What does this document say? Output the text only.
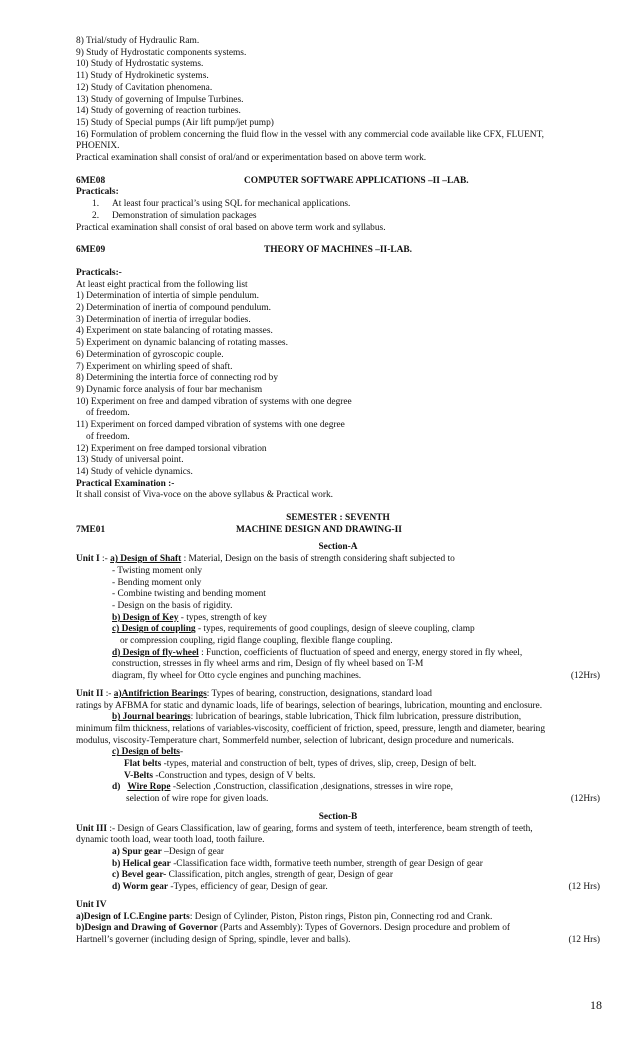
8) Trial/study of Hydraulic Ram.
9) Study of Hydrostatic components systems.
10) Study of Hydrostatic systems.
11) Study of Hydrokinetic systems.
12) Study of Cavitation phenomena.
13) Study of governing of Impulse Turbines.
14) Study of governing of reaction turbines.
15) Study of Special pumps (Air lift pump/jet pump)
16) Formulation of problem concerning the fluid flow in the vessel with any commercial code available like CFX, FLUENT,
PHOENIX.
Practical examination shall consist of oral/and or experimentation based on above term work.
6ME08	COMPUTER SOFTWARE APPLICATIONS –II –LAB.
Practicals:
1. At least four practical’s using SQL for mechanical applications.
2. Demonstration of simulation packages
Practical examination shall consist of oral based on above term work and syllabus.
6ME09	THEORY OF MACHINES –II-LAB.
Practicals:-
At least eight practical from the following list
1) Determination of intertia of simple pendulum.
2) Determination of inertia of compound pendulum.
3) Determination of inertia of irregular bodies.
4) Experiment on state balancing of rotating masses.
5) Experiment on dynamic balancing of rotating masses.
6) Determination of gyroscopic couple.
7) Experiment on whirling speed of shaft.
8) Determining the intertia force of connecting rod by
9) Dynamic force analysis of four bar mechanism
10) Experiment on free and damped vibration of systems with one degree
of freedom.
11) Experiment on forced damped vibration of systems with one degree
of freedom.
12) Experiment on free damped torsional vibration
13) Study of universal point.
14) Study of vehicle dynamics.
Practical Examination :-
It shall consist of Viva-voce on the above syllabus & Practical work.
SEMESTER : SEVENTH
7ME01	MACHINE DESIGN AND DRAWING-II
Section-A
Unit I :- a) Design of Shaft : Material, Design on the basis of strength considering shaft subjected to
- Twisting moment only
- Bending moment only
- Combine twisting and bending moment
- Design on the basis of rigidity.
b) Design of Key - types, strength of key
c) Design of coupling - types, requirements of good couplings, design of sleeve coupling, clamp
or compression coupling, rigid flange coupling, flexible flange coupling.
d) Design of fly-wheel : Function, coefficients of fluctuation of speed and energy, energy stored in fly wheel,
construction, stresses in fly wheel arms and rim, Design of fly wheel based on T-M
diagram, fly wheel for Otto cycle engines and punching machines.	(12Hrs)
Unit II :- a)Antifriction Bearings: Types of bearing, construction, designations, standard load
ratings by AFBMA for static and dynamic loads, life of bearings, selection of bearings, lubrication, mounting and enclosure.
b) Journal bearings: lubrication of bearings, stable lubrication, Thick film lubrication, pressure distribution,
minimum film thickness, relations of variables-viscosity, coefficient of friction, speed, pressure, length and diameter, bearing
modulus, viscosity-Temperature chart, Sommerfeld number, selection of lubricant, design procedure and numericals.
c) Design of belts-
Flat belts -types, material and construction of belt, types of drives, slip, creep, Design of belt.
V-Belts -Construction and types, design of V belts.
d) Wire Rope -Selection ,Construction, classification ,designations, stresses in wire rope,
selection of wire rope for given loads.	(12Hrs)
Section-B
Unit III :- Design of Gears Classification, law of gearing, forms and system of teeth, interference, beam strength of teeth,
dynamic tooth load, wear tooth load, tooth failure.
a) Spur gear –Design of gear
b) Helical gear -Classification face width, formative teeth number, strength of gear Design of gear
c) Bevel gear- Classification, pitch angles, strength of gear, Design of gear
d) Worm gear -Types, efficiency of gear, Design of gear.	(12 Hrs)
Unit IV
a)Design of I.C.Engine parts: Design of Cylinder, Piston, Piston rings, Piston pin, Connecting rod and Crank.
b)Design and Drawing of Governor (Parts and Assembly): Types of Governors. Design procedure and problem of
Hartnell’s governer (including design of Spring, spindle, lever and balls).	(12 Hrs)
18
